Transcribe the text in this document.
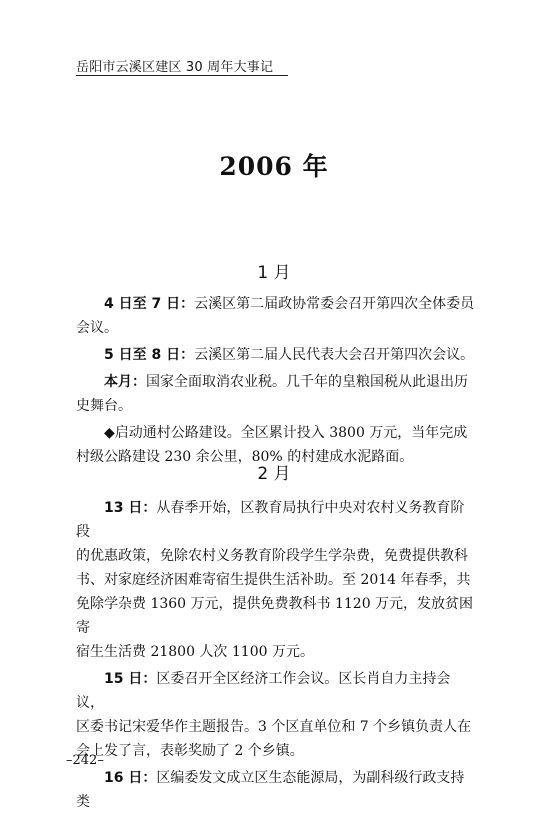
岳阳市云溪区建区 30 周年大事记
2006 年
1 月

4 日至 7 日：云溪区第二届政协常委会召开第四次全体委员

会议。

5 日至 8 日：云溪区第二届人民代表大会召开第四次会议。

本月：国家全面取消农业税。几千年的皇粮国税从此退出历

史舞台。

◆启动通村公路建设。全区累计投入 3800 万元，当年完成

村级公路建设 230 余公里，80% 的村建成水泥路面。

2 月

13 日：从春季开始，区教育局执行中央对农村义务教育阶段

的优惠政策，免除农村义务教育阶段学生学杂费，免费提供教科

书、对家庭经济困难寄宿生提供生活补助。至 2014 年春季，共

免除学杂费 1360 万元，提供免费教科书 1120 万元，发放贫困寄

宿生生活费 21800 人次 1100 万元。

15 日：区委召开全区经济工作会议。区长肖自力主持会议，

区委书记宋爱华作主题报告。3 个区直单位和 7 个乡镇负责人在

会上发了言，表彰奖励了 2 个乡镇。

16 日：区编委发文成立区生态能源局，为副科级行政支持类

–242–
